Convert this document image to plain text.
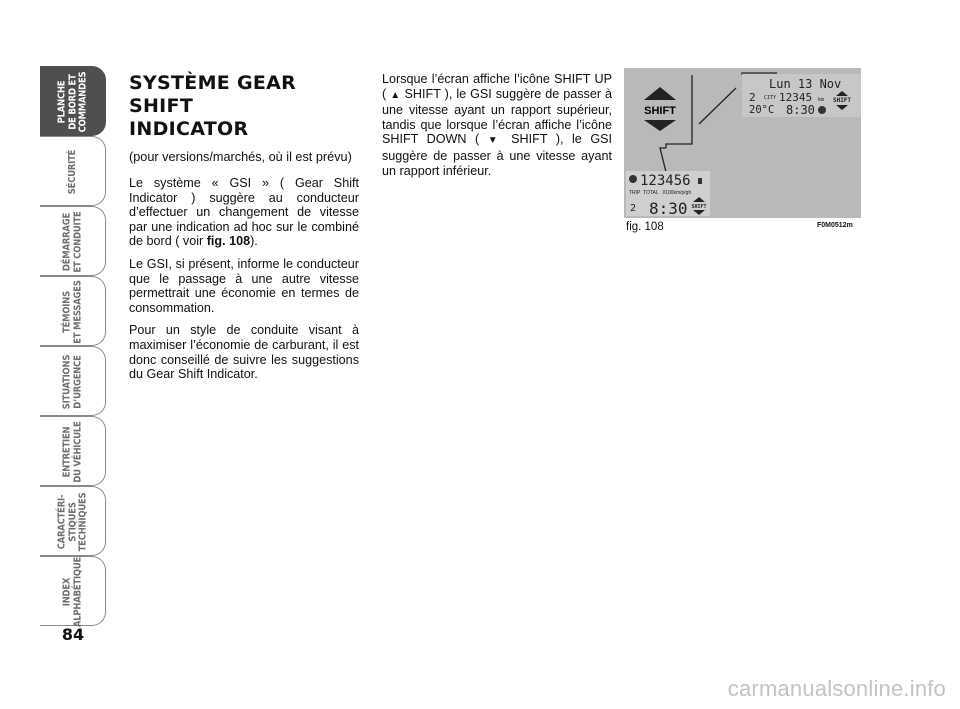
PLANCHE
DE BORD ET
COMMANDES
SÉCURITÉ
DÉMARRAGE
ET CONDUITE
TÉMOINS
ET MESSAGES
SITUATIONS
D’URGENCE
ENTRETIEN
DU VÉHICULE
CARACTÉRI-
STIQUES
TECHNIQUES
INDEX
ALPHABÉTIQUE
84
SYSTÈME GEAR SHIFT
INDICATOR
(pour versions/marchés, où il est prévu)

Le système « GSI » ( Gear Shift Indicator ) suggère au conducteur d’effectuer un changement de vitesse par une indication ad hoc sur le combiné de bord ( voir fig. 108).

Le GSI, si présent, informe le conducteur que le passage à une autre vitesse permettrait une économie en termes de consommation.

Pour un style de conduite visant à maximiser l’économie de carburant, il est donc conseillé de suivre les suggestions du Gear Shift Indicator.

Lorsque l’écran affiche l’icône SHIFT UP ( ▲ SHIFT ), le GSI suggère de passer à une vitesse ayant un rapport supérieur, tandis que lorsque l’écran affiche l’icône SHIFT DOWN ( ▼ SHIFT ), le GSI suggère de passer à une vitesse ayant un rapport inférieur.

SHIFT
Lun 13 Nov
2 CITY 12345 km
20°C 8:30
SHIFT
123456
TRIP  TOTAL   l/100km/p/gh
2 8:30 SHIFT
fig. 108	F0M0512m
carmanualsonline.info
